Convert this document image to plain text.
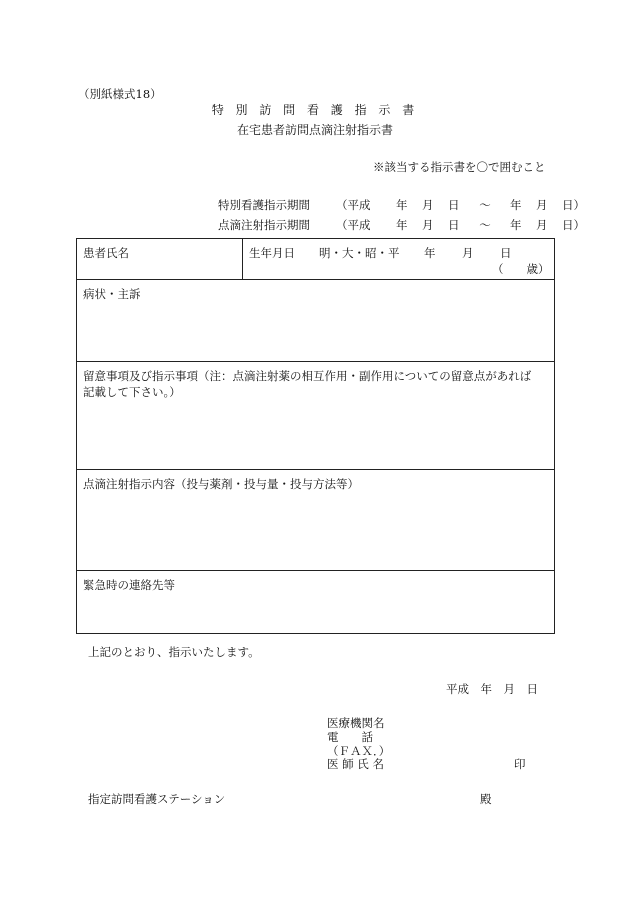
（別紙様式18）
特 別 訪 問 看 護 指 示 書
在宅患者訪問点滴注射指示書
※該当する指示書を〇で囲むこと
特別看護指示期間 （平成 年 月 日 ～ 年 月 日）
点滴注射指示期間 （平成 年 月 日 ～ 年 月 日）
患者氏名	生年月日 明・大・昭・平 年 月 日
（　　歳）
病状・主訴
留意事項及び指示事項（注：点滴注射薬の相互作用・副作用についての留意点があれば
記載して下さい。）
点滴注射指示内容（投与薬剤・投与量・投与方法等）
緊急時の連絡先等
上記のとおり、指示いたします。
平成　年　月　日
医療機関名
電　　話
（ＦＡＸ．）
医 師 氏 名	印
指定訪問看護ステーション	殿
